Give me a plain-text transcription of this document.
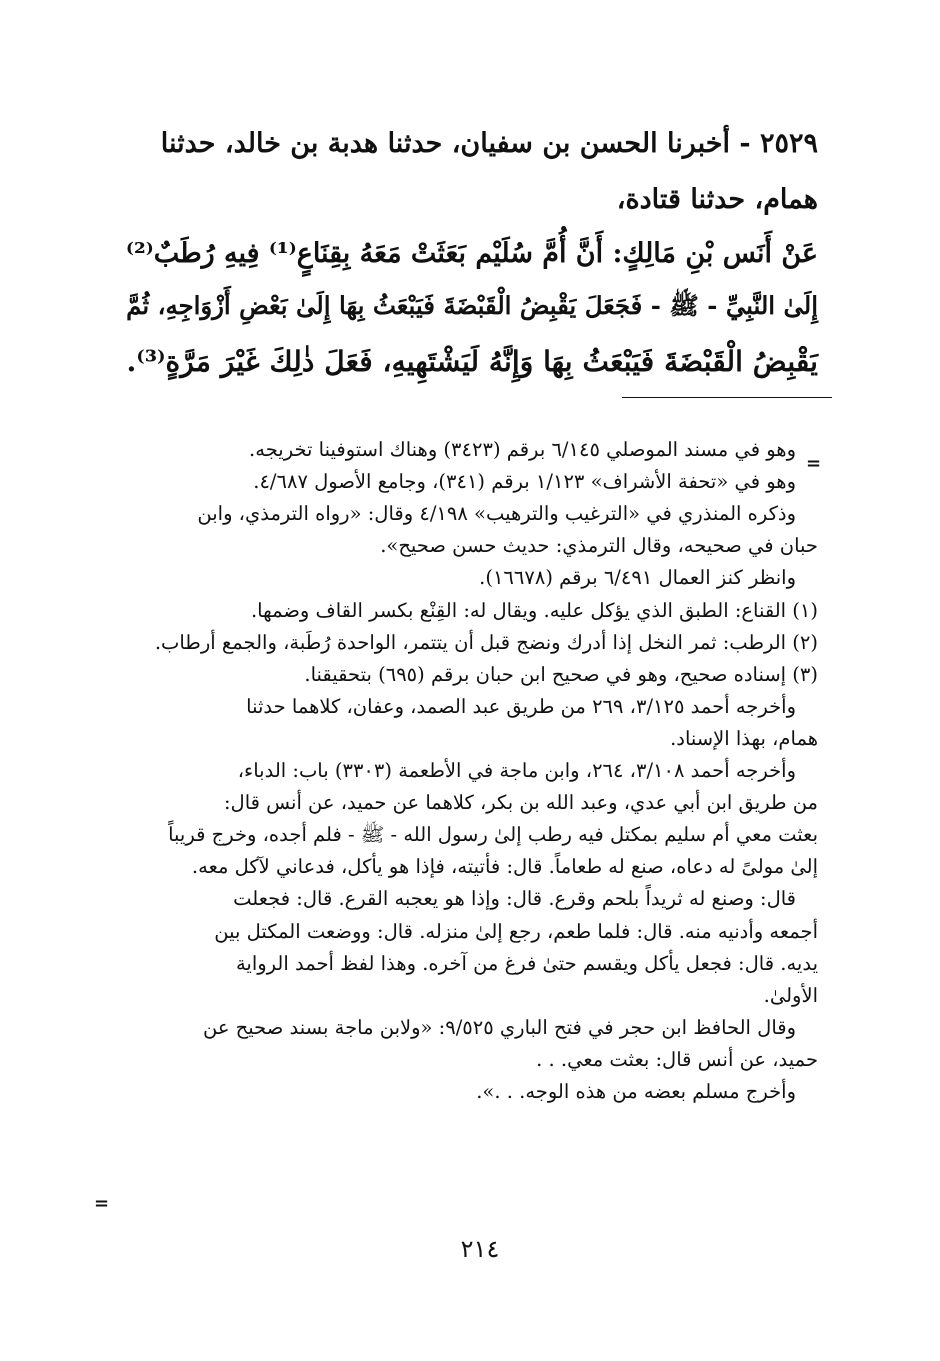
٢٥٢٩ - أخبرنا الحسن بن سفيان، حدثنا هدبة بن خالد، حدثنا
همام، حدثنا قتادة،
عَنْ أَنَس بْنِ مَالِكٍ: أَنَّ أُمَّ سُلَيْم بَعَثَتْ مَعَهُ بِقِنَاعٍ⁽¹⁾ فِيهِ رُطَبٌ⁽²⁾
إِلَىٰ النَّبِيِّ - ﷺ - فَجَعَلَ يَقْبِضُ الْقَبْضَةَ فَيَبْعَثُ بِهَا إِلَىٰ بَعْضِ أَزْوَاجِهِ، ثُمَّ
يَقْبِضُ الْقَبْضَةَ فَيَبْعَثُ بِهَا وَإِنَّهُ لَيَشْتَهِيهِ، فَعَلَ ذٰلِكَ غَيْرَ مَرَّةٍ⁽³⁾.
=
وهو في مسند الموصلي ٦/١٤٥ برقم (٣٤٢٣) وهناك استوفينا تخريجه.
وهو في «تحفة الأشراف» ١/١٢٣ برقم (٣٤١)، وجامع الأصول ٤/٦٨٧.
وذكره المنذري في «الترغيب والترهيب» ٤/١٩٨ وقال: «رواه الترمذي، وابن
حبان في صحيحه، وقال الترمذي: حديث حسن صحيح».
وانظر كنز العمال ٦/٤٩١ برقم (١٦٦٧٨).
(١) القناع: الطبق الذي يؤكل عليه. ويقال له: القِنْع بكسر القاف وضمها.
(٢) الرطب: ثمر النخل إذا أدرك ونضج قبل أن يتتمر، الواحدة رُطَبة، والجمع أرطاب.
(٣) إسناده صحيح، وهو في صحيح ابن حبان برقم (٦٩٥) بتحقيقنا.
وأخرجه أحمد ٣/١٢٥، ٢٦٩ من طريق عبد الصمد، وعفان، كلاهما حدثنا
همام، بهذا الإسناد.
وأخرجه أحمد ٣/١٠٨، ٢٦٤، وابن ماجة في الأطعمة (٣٣٠٣) باب: الدباء،
من طريق ابن أبي عدي، وعبد الله بن بكر، كلاهما عن حميد، عن أنس قال:
بعثت معي أم سليم بمكتل فيه رطب إلىٰ رسول الله - ﷺ - فلم أجده، وخرج قريباً
إلىٰ مولىً له دعاه، صنع له طعاماً. قال: فأتيته، فإذا هو يأكل، فدعاني لآكل معه.
قال: وصنع له ثريداً بلحم وقرع. قال: وإذا هو يعجبه القرع. قال: فجعلت
أجمعه وأدنيه منه. قال: فلما طعم، رجع إلىٰ منزله. قال: ووضعت المكتل بين
يديه. قال: فجعل يأكل ويقسم حتىٰ فرغ من آخره. وهذا لفظ أحمد الرواية
الأولىٰ.
وقال الحافظ ابن حجر في فتح الباري ٩/٥٢٥: «ولابن ماجة بسند صحيح عن
حميد، عن أنس قال: بعثت معي. . .
وأخرج مسلم بعضه من هذه الوجه. . .».
=
٢١٤
